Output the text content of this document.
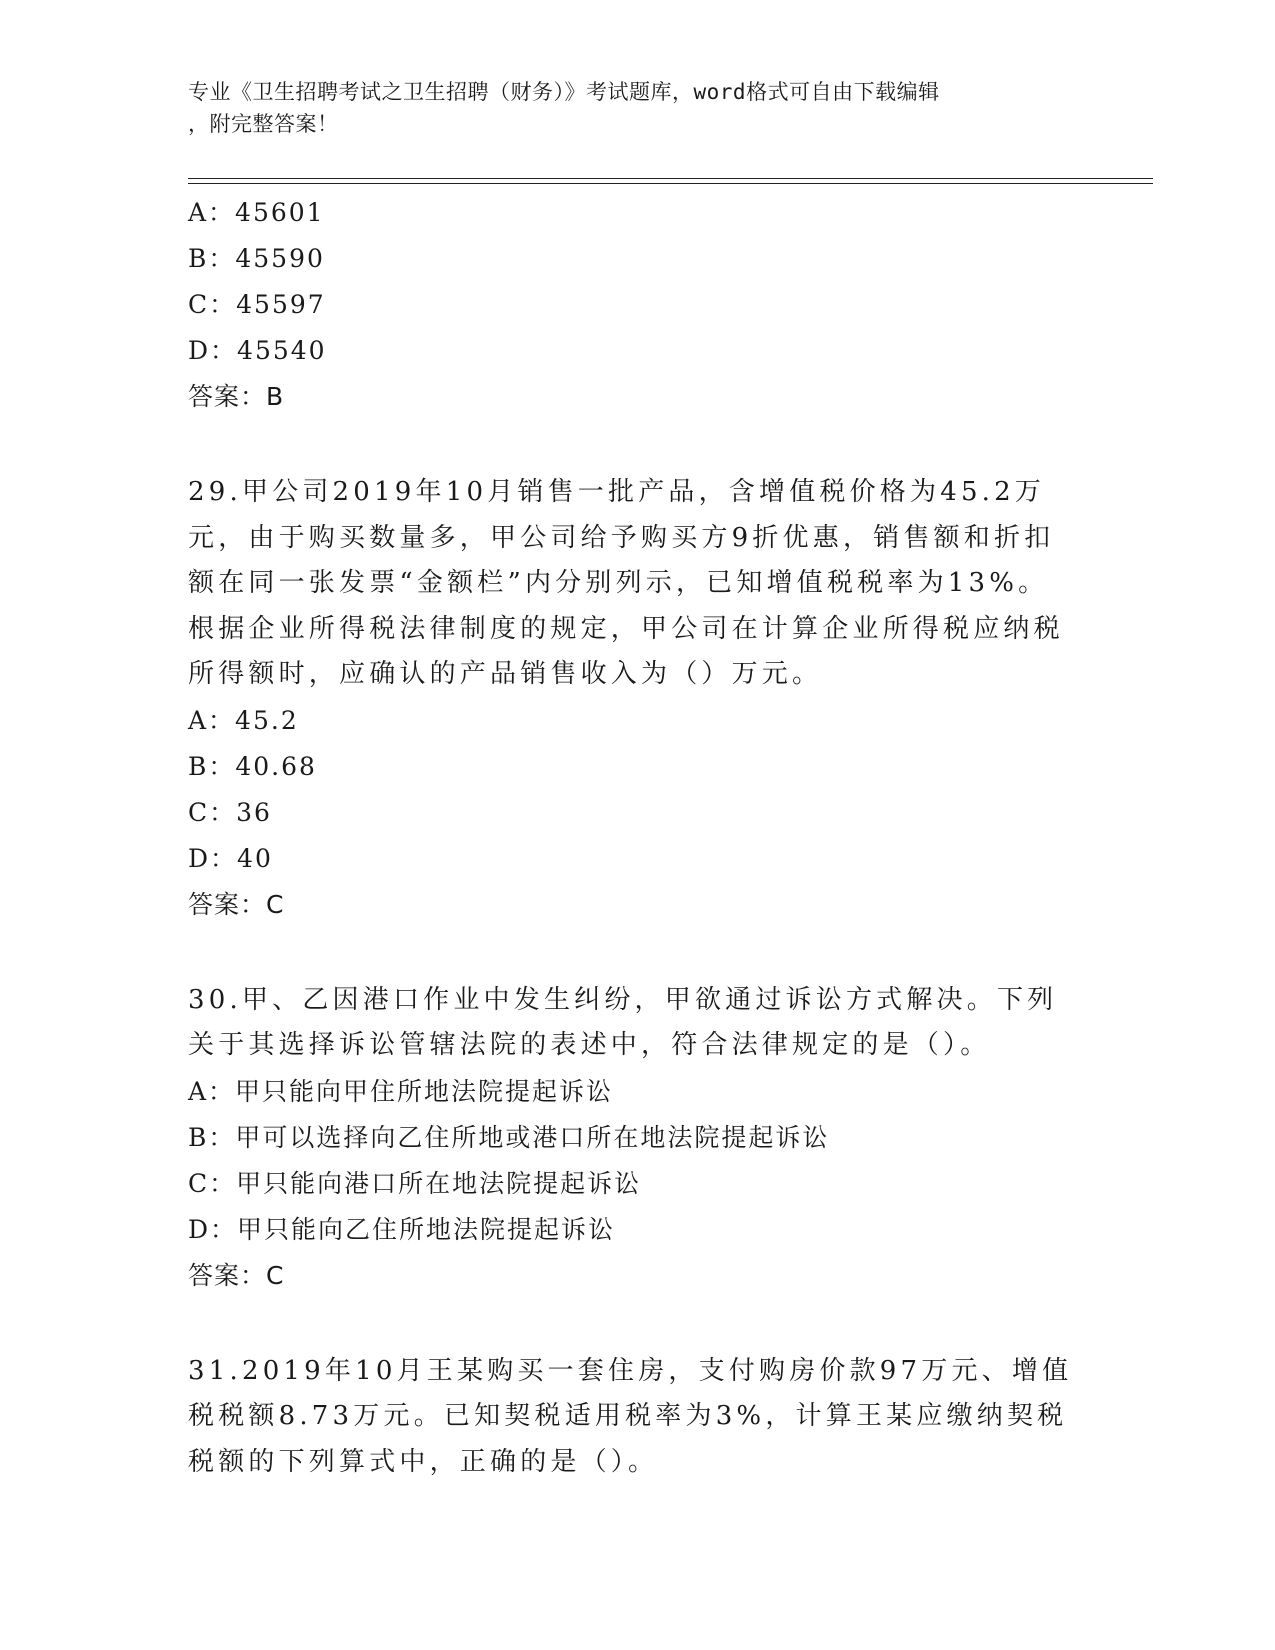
专业《卫生招聘考试之卫生招聘（财务）》考试题库，word格式可自由下载编辑
，附完整答案！
A：45601
B：45590
C：45597
D：45540
答案：B
29.甲公司2019年10月销售一批产品，含增值税价格为45.2万元，由于购买数量多，甲公司给予购买方9折优惠，销售额和折扣额在同一张发票“金额栏”内分别列示，已知增值税税率为13%。根据企业所得税法律制度的规定，甲公司在计算企业所得税应纳税所得额时，应确认的产品销售收入为（）万元。
A：45.2
B：40.68
C：36
D：40
答案：C
30.甲、乙因港口作业中发生纠纷，甲欲通过诉讼方式解决。下列关于其选择诉讼管辖法院的表述中，符合法律规定的是（）。
A：甲只能向甲住所地法院提起诉讼
B：甲可以选择向乙住所地或港口所在地法院提起诉讼
C：甲只能向港口所在地法院提起诉讼
D：甲只能向乙住所地法院提起诉讼
答案：C
31.2019年10月王某购买一套住房，支付购房价款97万元、增值税税额8.73万元。已知契税适用税率为3%，计算王某应缴纳契税税额的下列算式中，正确的是（）。
